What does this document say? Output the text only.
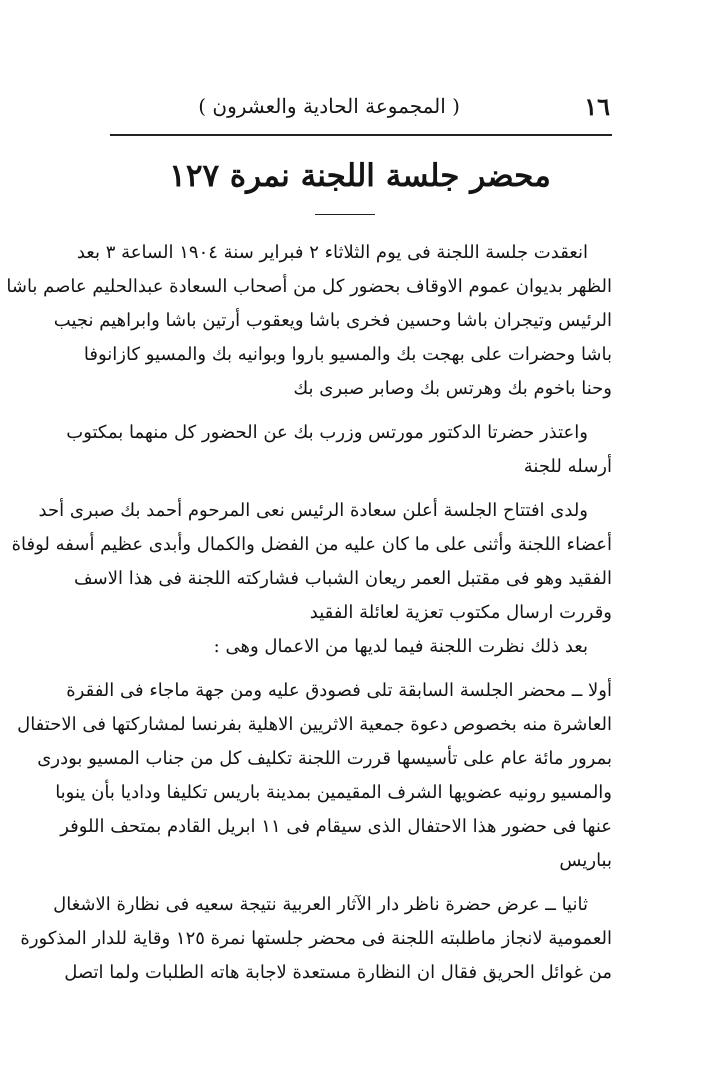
١٦
( المجموعة الحادية والعشرون )
محضر جلسة اللجنة نمرة ١٢٧
انعقدت جلسة اللجنة فى يوم الثلاثاء ٢ فبراير سنة ١٩٠٤ الساعة ٣ بعد
الظهر بديوان عموم الاوقاف بحضور كل من أصحاب السعادة عبدالحليم عاصم باشا
الرئيس وتيجران باشا وحسين فخرى باشا ويعقوب أرتين باشا وابراهيم نجيب
باشا وحضرات على بهجت بك والمسيو باروا وبوانيه بك والمسيو كازانوفا
وحنا باخوم بك وهرتس بك وصابر صبرى بك
واعتذر حضرتا الدكتور مورتس وزرب بك عن الحضور كل منهما بمكتوب
أرسله للجنة
ولدى افتتاح الجلسة أعلن سعادة الرئيس نعى المرحوم أحمد بك صبرى أحد
أعضاء اللجنة وأثنى على ما كان عليه من الفضل والكمال وأبدى عظيم أسفه لوفاة
الفقيد وهو فى مقتبل العمر ريعان الشباب فشاركته اللجنة فى هذا الاسف
وقررت ارسال مكتوب تعزية لعائلة الفقيد
بعد ذلك نظرت اللجنة فيما لديها من الاعمال وهى :
أولا ــ محضر الجلسة السابقة تلى فصودق عليه ومن جهة ماجاء فى الفقرة
العاشرة منه بخصوص دعوة جمعية الاثريين الاهلية بفرنسا لمشاركتها فى الاحتفال
بمرور مائة عام على تأسيسها قررت اللجنة تكليف كل من جناب المسيو بودرى
والمسيو رونيه عضويها الشرف المقيمين بمدينة باريس تكليفا وداديا بأن ينوبا
عنها فى حضور هذا الاحتفال الذى سيقام فى ١١ ابريل القادم بمتحف اللوفر
بباريس
ثانيا ــ عرض حضرة ناظر دار الآثار العربية نتيجة سعيه فى نظارة الاشغال
العمومية لانجاز ماطلبته اللجنة فى محضر جلستها نمرة ١٢٥ وقاية للدار المذكورة
من غوائل الحريق فقال ان النظارة مستعدة لاجابة هاته الطلبات ولما اتصل
